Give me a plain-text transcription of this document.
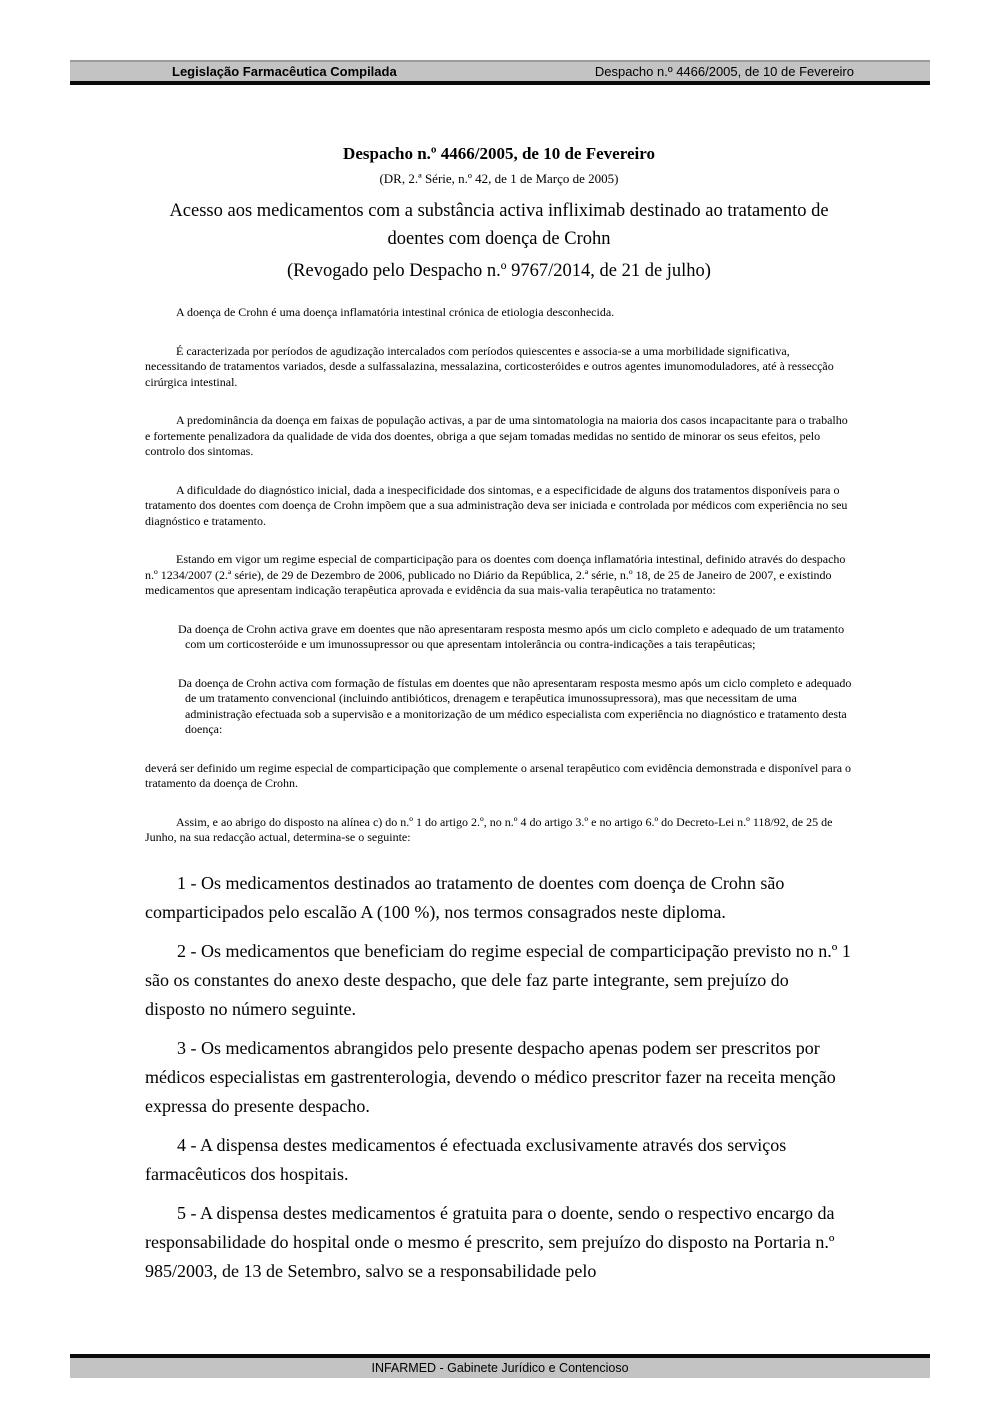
Legislação Farmacêutica Compilada	Despacho n.º 4466/2005, de 10 de Fevereiro
Despacho n.º 4466/2005, de 10 de Fevereiro
(DR, 2.ª Série, n.º 42, de 1 de Março de 2005)
Acesso aos medicamentos com a substância activa infliximab destinado ao tratamento de doentes com doença de Crohn
(Revogado pelo Despacho n.º 9767/2014, de 21 de julho)

A doença de Crohn é uma doença inflamatória intestinal crónica de etiologia desconhecida.

É caracterizada por períodos de agudização intercalados com períodos quiescentes e associa-se a uma morbilidade significativa, necessitando de tratamentos variados, desde a sulfassalazina, messalazina, corticosteróides e outros agentes imunomoduladores, até à ressecção cirúrgica intestinal.

A predominância da doença em faixas de população activas, a par de uma sintomatologia na maioria dos casos incapacitante para o trabalho e fortemente penalizadora da qualidade de vida dos doentes, obriga a que sejam tomadas medidas no sentido de minorar os seus efeitos, pelo controlo dos sintomas.

A dificuldade do diagnóstico inicial, dada a inespecificidade dos sintomas, e a especificidade de alguns dos tratamentos disponíveis para o tratamento dos doentes com doença de Crohn impõem que a sua administração deva ser iniciada e controlada por médicos com experiência no seu diagnóstico e tratamento.

Estando em vigor um regime especial de comparticipação para os doentes com doença inflamatória intestinal, definido através do despacho n.º 1234/2007 (2.ª série), de 29 de Dezembro de 2006, publicado no Diário da República, 2.ª série, n.º 18, de 25 de Janeiro de 2007, e existindo medicamentos que apresentam indicação terapêutica aprovada e evidência da sua mais-valia terapêutica no tratamento:

Da doença de Crohn activa grave em doentes que não apresentaram resposta mesmo após um ciclo completo e adequado de um tratamento com um corticosteróide e um imunossupressor ou que apresentam intolerância ou contra-indicações a tais terapêuticas;

Da doença de Crohn activa com formação de fístulas em doentes que não apresentaram resposta mesmo após um ciclo completo e adequado de um tratamento convencional (incluindo antibióticos, drenagem e terapêutica imunossupressora), mas que necessitam de uma administração efectuada sob a supervisão e a monitorização de um médico especialista com experiência no diagnóstico e tratamento desta doença:

deverá ser definido um regime especial de comparticipação que complemente o arsenal terapêutico com evidência demonstrada e disponível para o tratamento da doença de Crohn.

Assim, e ao abrigo do disposto na alínea c) do n.º 1 do artigo 2.º, no n.º 4 do artigo 3.º e no artigo 6.º do Decreto-Lei n.º 118/92, de 25 de Junho, na sua redacção actual, determina-se o seguinte:

1 - Os medicamentos destinados ao tratamento de doentes com doença de Crohn são comparticipados pelo escalão A (100 %), nos termos consagrados neste diploma.

2 - Os medicamentos que beneficiam do regime especial de comparticipação previsto no n.º 1 são os constantes do anexo deste despacho, que dele faz parte integrante, sem prejuízo do disposto no número seguinte.

3 - Os medicamentos abrangidos pelo presente despacho apenas podem ser prescritos por médicos especialistas em gastrenterologia, devendo o médico prescritor fazer na receita menção expressa do presente despacho.

4 - A dispensa destes medicamentos é efectuada exclusivamente através dos serviços farmacêuticos dos hospitais.

5 - A dispensa destes medicamentos é gratuita para o doente, sendo o respectivo encargo da responsabilidade do hospital onde o mesmo é prescrito, sem prejuízo do disposto na Portaria n.º 985/2003, de 13 de Setembro, salvo se a responsabilidade pelo

INFARMED - Gabinete Jurídico e Contencioso
